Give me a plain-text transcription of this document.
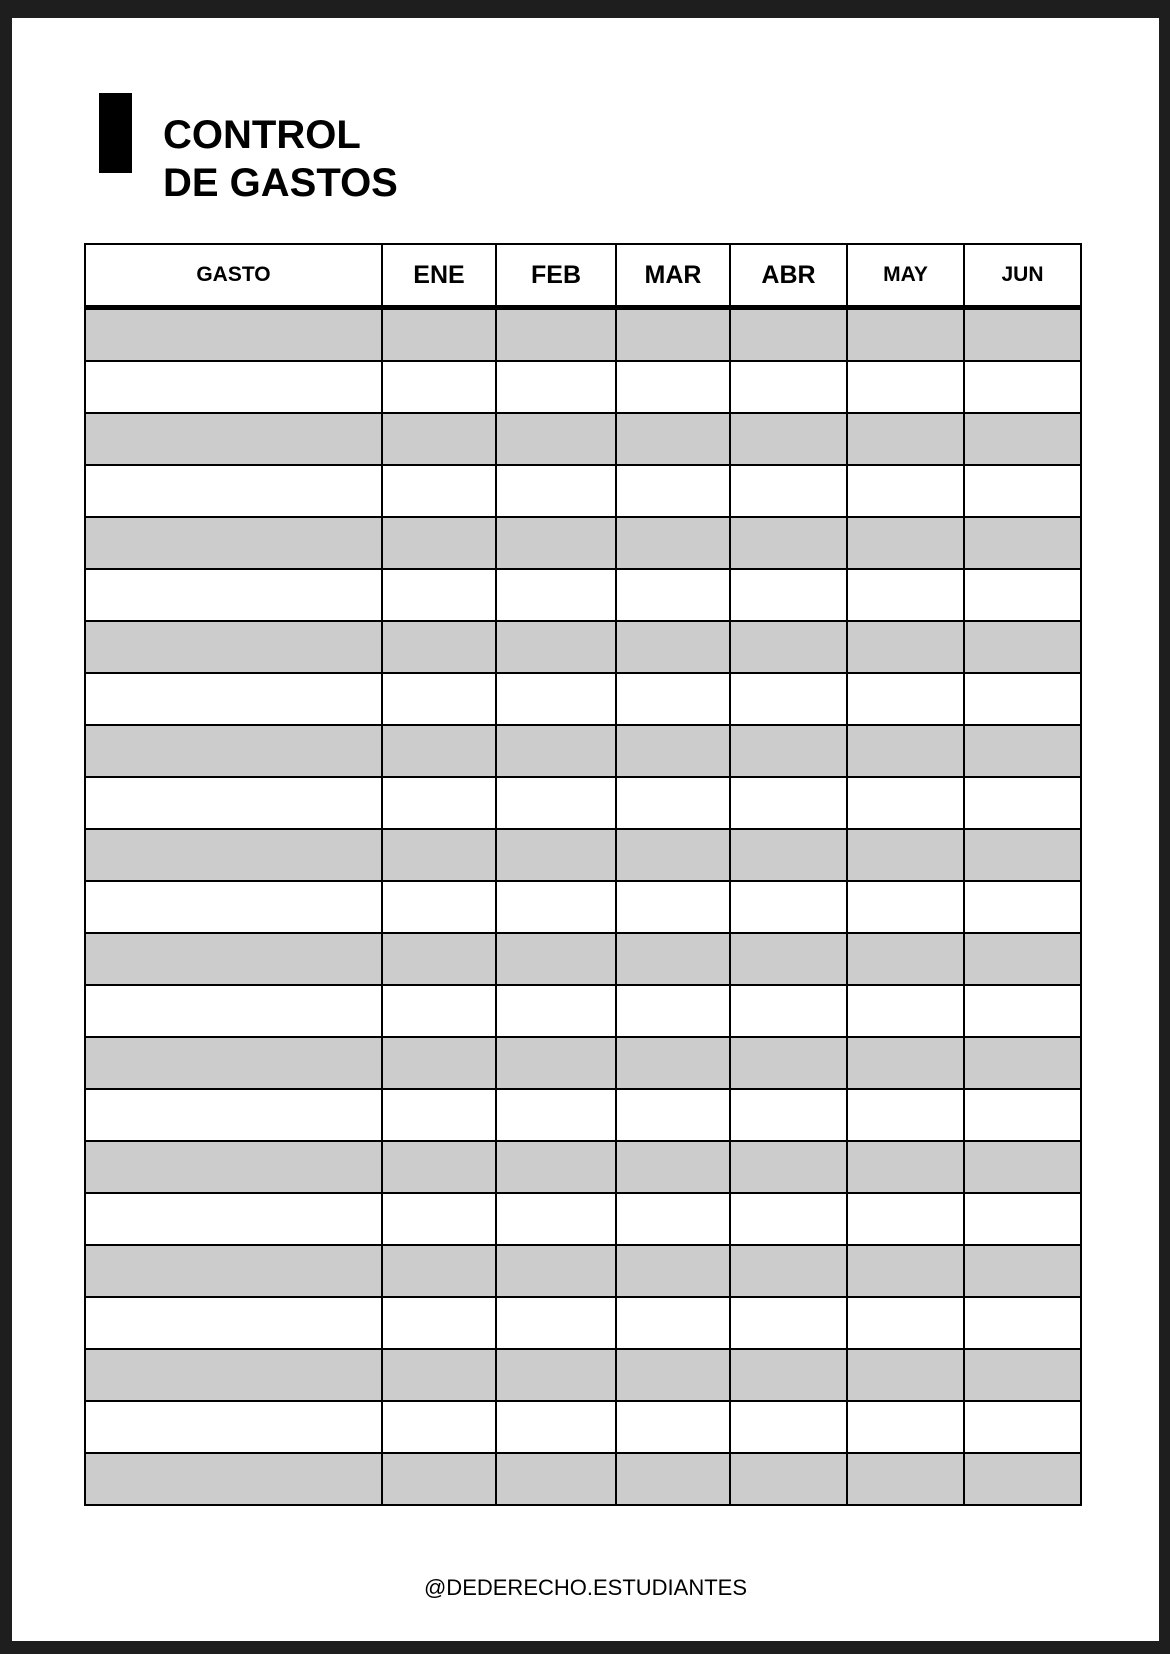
CONTROL
DE GASTOS
GASTO	ENE	FEB	MAR	ABR	MAY	JUN

@DEDERECHO.ESTUDIANTES
